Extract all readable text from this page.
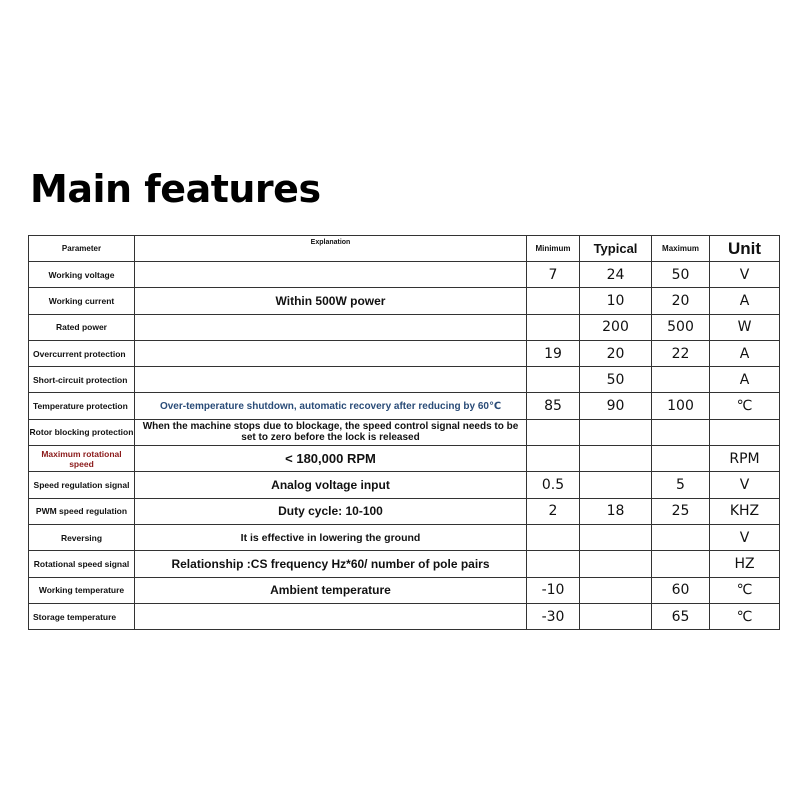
Main features
Parameter	Explanation	Minimum	Typical	Maximum	Unit
Working voltage		7	24	50	V
Working current	Within 500W power		10	20	A
Rated power			200	500	W
Overcurrent protection		19	20	22	A
Short-circuit protection			50		A
Temperature protection	Over-temperature shutdown, automatic recovery after reducing by 60℃	85	90	100	℃
Rotor blocking protection	When the machine stops due to blockage, the speed control signal needs to be set to zero before the lock is released				
Maximum rotational speed	< 180,000 RPM				RPM
Speed regulation signal	Analog voltage input	0.5		5	V
PWM speed regulation	Duty cycle: 10-100	2	18	25	KHZ
Reversing	It is effective in lowering the ground				V
Rotational speed signal	Relationship :CS frequency Hz*60/ number of pole pairs				HZ
Working temperature	Ambient temperature	-10		60	℃
Storage temperature		-30		65	℃
